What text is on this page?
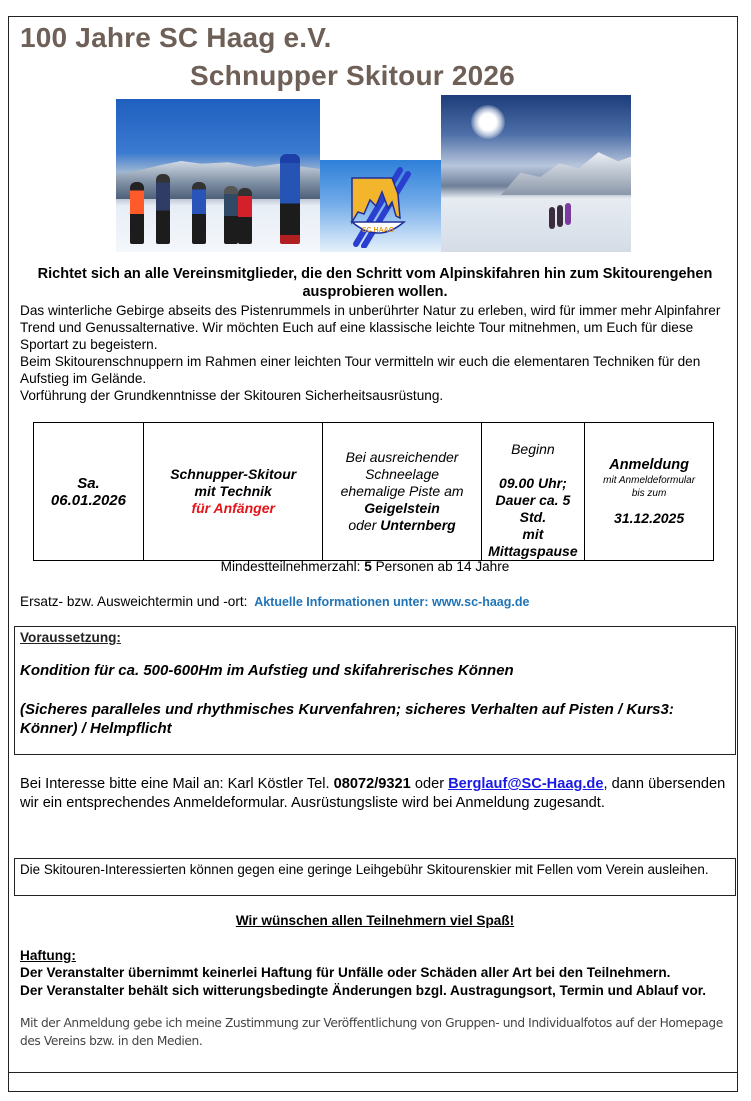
100 Jahre SC Haag e.V.
Schnupper Skitour 2026
SC HAAG
Richtet sich an alle Vereinsmitglieder, die den Schritt vom Alpinskifahren hin zum Skitourengehen ausprobieren wollen.
Das winterliche Gebirge abseits des Pistenrummels in unberührter Natur zu erleben, wird für immer mehr Alpinfahrer Trend und Genussalternative. Wir möchten Euch auf eine klassische leichte Tour mitnehmen, um Euch für diese Sportart zu begeistern.
Beim Skitourenschnuppern im Rahmen einer leichten Tour vermitteln wir euch die elementaren Techniken für den Aufstieg im Gelände.
Vorführung der Grundkenntnisse der Skitouren Sicherheitsausrüstung.
Sa.
06.01.2026

Schnupper-Skitour
mit Technik
für Anfänger

Bei ausreichender
Schneelage
ehemalige Piste am
Geigelstein
oder Unternberg

Beginn
09.00 Uhr;
Dauer ca. 5 Std.
mit
Mittagspause

Anmeldung
mit Anmeldeformular
bis zum
31.12.2025
Mindestteilnehmerzahl: 5 Personen ab 14 Jahre
Ersatz- bzw. Ausweichtermin und -ort: Aktuelle Informationen unter: www.sc-haag.de
Voraussetzung:
Kondition für ca. 500-600Hm im Aufstieg und skifahrerisches Können
(Sicheres paralleles und rhythmisches Kurvenfahren; sicheres Verhalten auf Pisten / Kurs3: Könner) / Helmpflicht
Bei Interesse bitte eine Mail an: Karl Köstler Tel. 08072/9321 oder Berglauf@SC-Haag.de, dann übersenden wir ein entsprechendes Anmeldeformular. Ausrüstungsliste wird bei Anmeldung zugesandt.
Die Skitouren-Interessierten können gegen eine geringe Leihgebühr Skitourenskier mit Fellen vom Verein ausleihen.
Wir wünschen allen Teilnehmern viel Spaß!
Haftung:
Der Veranstalter übernimmt keinerlei Haftung für Unfälle oder Schäden aller Art bei den Teilnehmern.
Der Veranstalter behält sich witterungsbedingte Änderungen bzgl. Austragungsort, Termin und Ablauf vor.
Mit der Anmeldung gebe ich meine Zustimmung zur Veröffentlichung von Gruppen- und Individualfotos auf der Homepage des Vereins bzw. in den Medien.
